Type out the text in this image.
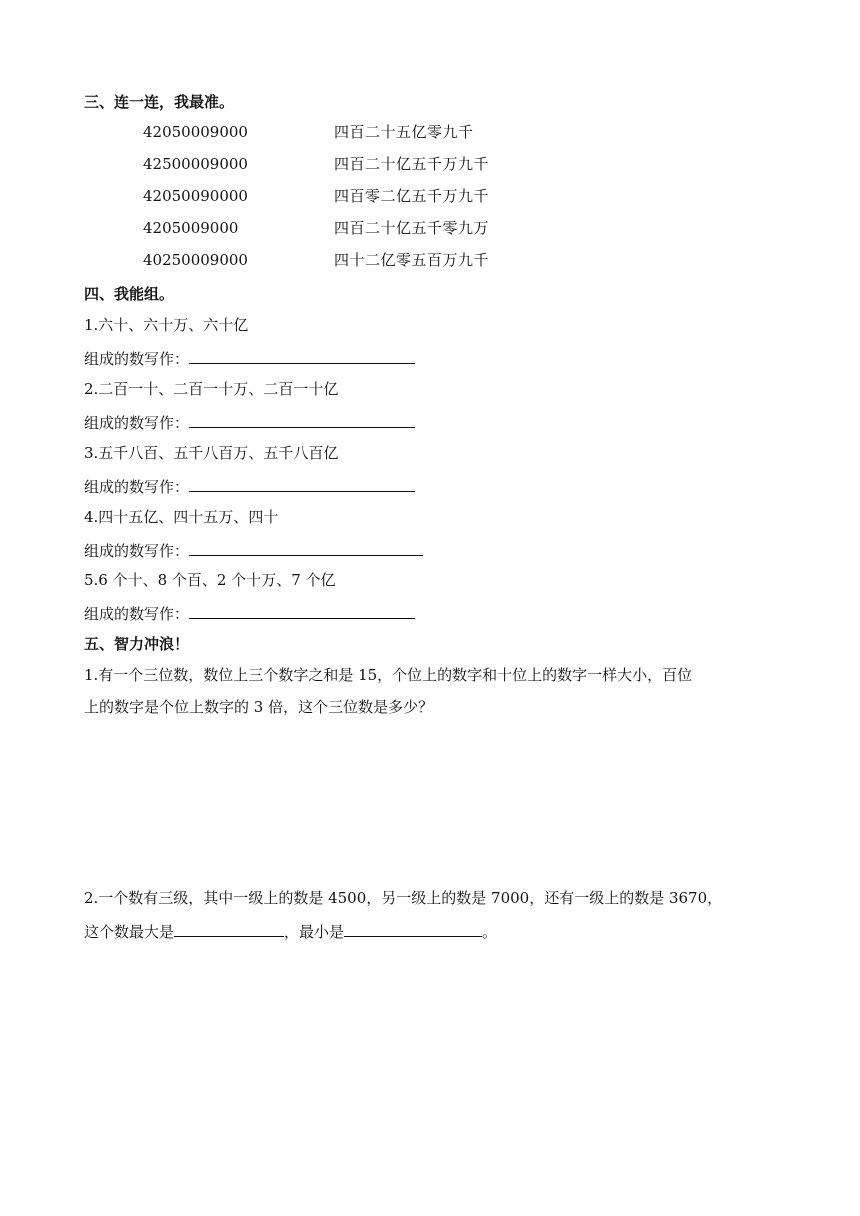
三、连一连，我最准。
42050009000
42500009000
42050090000
4205009000
40250009000
四百二十五亿零九千
四百二十亿五千万九千
四百零二亿五千万九千
四百二十亿五千零九万
四十二亿零五百万九千
四、我能组。
1.六十、六十万、六十亿
组成的数写作：
2.二百一十、二百一十万、二百一十亿
组成的数写作：
3.五千八百、五千八百万、五千八百亿
组成的数写作：
4.四十五亿、四十五万、四十
组成的数写作：
5.6 个十、8 个百、2 个十万、7 个亿
组成的数写作：
五、智力冲浪！
1.有一个三位数，数位上三个数字之和是 15，个位上的数字和十位上的数字一样大小，百位
上的数字是个位上数字的 3 倍，这个三位数是多少？
2.一个数有三级，其中一级上的数是 4500，另一级上的数是 7000，还有一级上的数是 3670，
这个数最大是	，最小是	。
